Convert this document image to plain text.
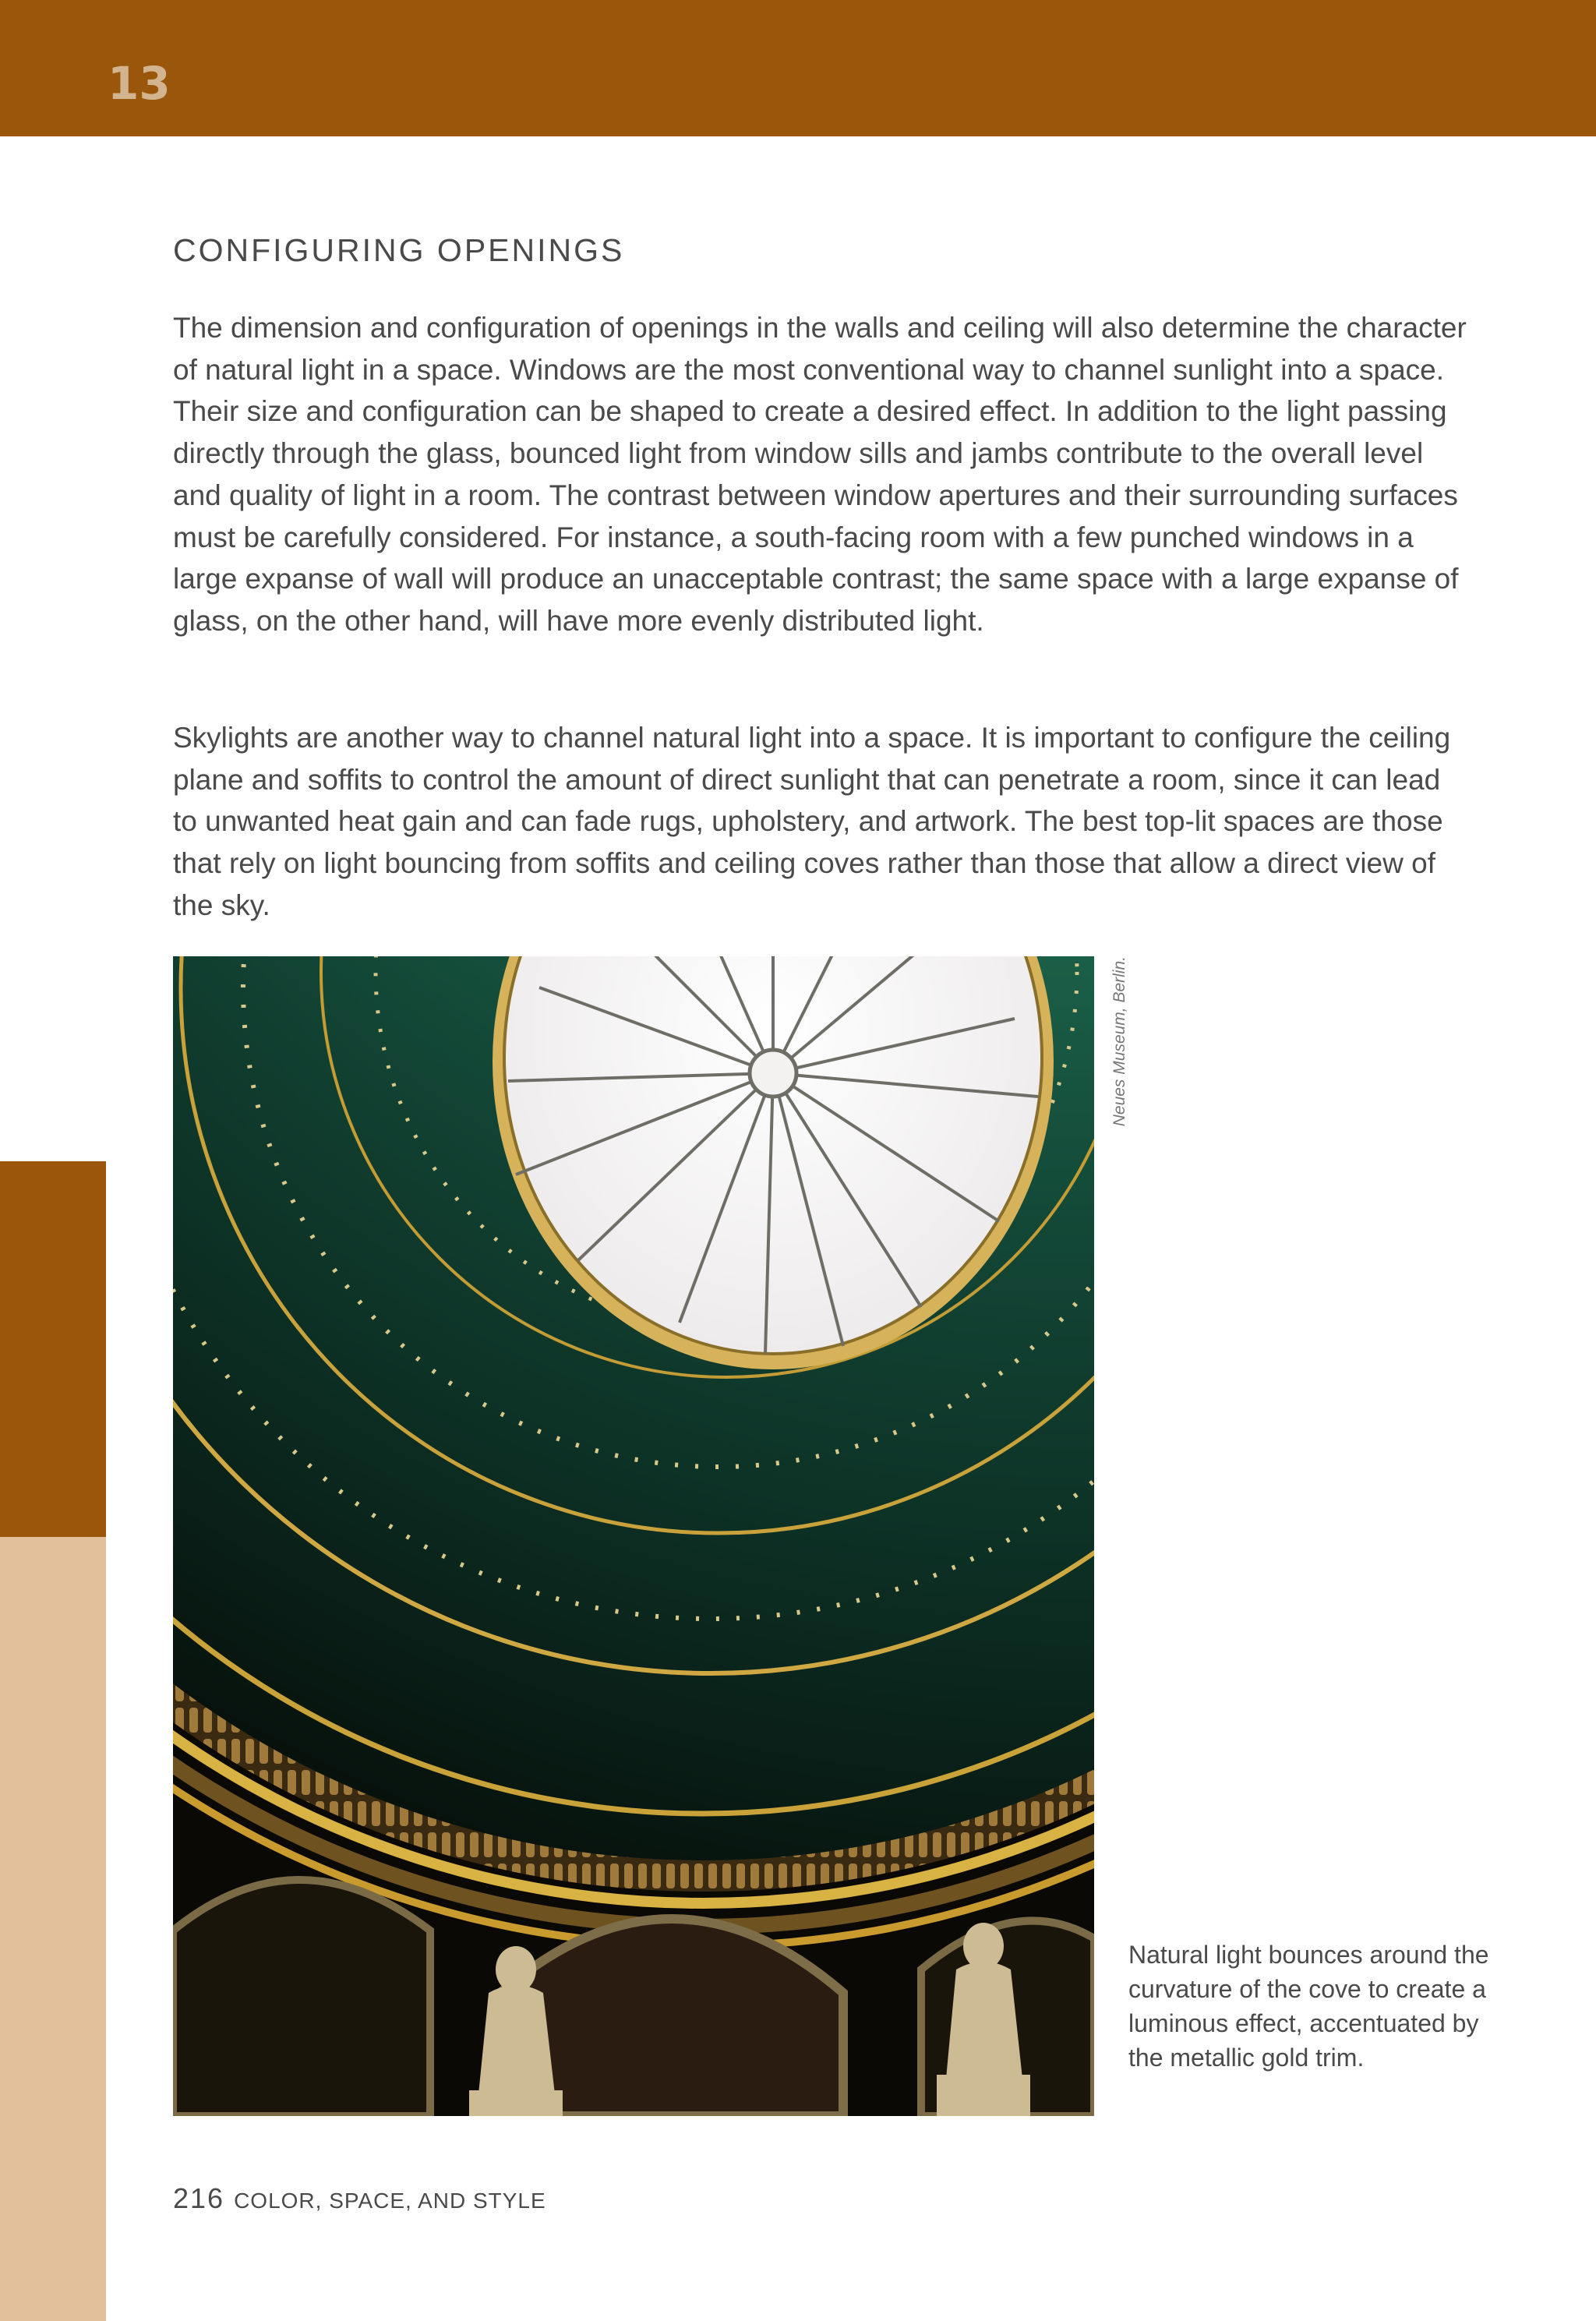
13
CONFIGURING OPENINGS

The dimension and configuration of openings in the walls and ceiling will also determine the character of natural light in a space. Windows are the most conventional way to channel sunlight into a space. Their size and configuration can be shaped to create a desired effect. In addition to the light passing directly through the glass, bounced light from window sills and jambs contribute to the overall level and quality of light in a room. The contrast between window apertures and their surrounding surfaces must be carefully considered. For instance, a south-facing room with a few punched windows in a large expanse of wall will produce an unacceptable contrast; the same space with a large expanse of glass, on the other hand, will have more evenly distributed light.

Skylights are another way to channel natural light into a space. It is important to configure the ceiling plane and soffits to control the amount of direct sunlight that can penetrate a room, since it can lead to unwanted heat gain and can fade rugs, upholstery, and artwork. The best top-lit spaces are those that rely on light bouncing from soffits and ceiling coves rather than those that allow a direct view of the sky.

Neues Museum, Berlin.

Natural light bounces around the curvature of the cove to create a luminous effect, accentuated by the metallic gold trim.

216 COLOR, SPACE, AND STYLE
